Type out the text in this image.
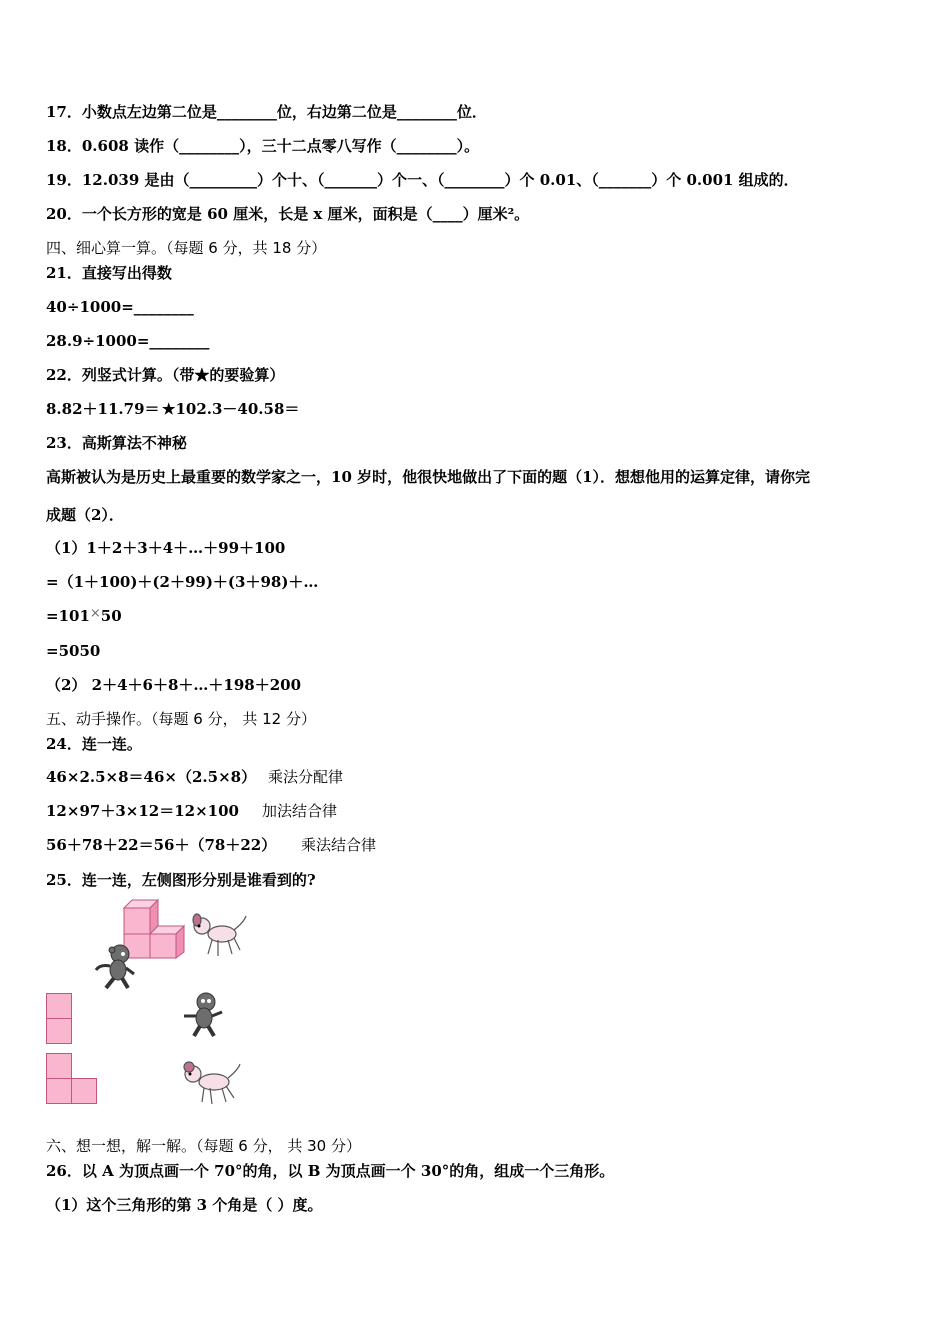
17．小数点左边第二位是________位，右边第二位是________位．
18．0.608 读作（________），三十二点零八写作（________）。
19．12.039 是由（_________）个十、（_______）个一、（________）个 0.01、（_______）个 0.001 组成的．
20．一个长方形的宽是 60 厘米，长是 x 厘米，面积是（____）厘米²。
四、细心算一算。（每题 6 分，共 18 分）
21．直接写出得数
40÷1000=________
28.9÷1000=________
22．列竖式计算。（带★的要验算）
8.82＋11.79＝ ★102.3－40.58＝
23．高斯算法不神秘
高斯被认为是历史上最重要的数学家之一，10 岁时，他很快地做出了下面的题（1）．想想他用的运算定律，请你完
成题（2）．
（1）1＋2＋3＋4＋…＋99＋100
=（1＋100)＋(2＋99)＋(3＋98)＋…
=101×50
=5050
（2） 2＋4＋6＋8＋…＋198＋200
五、动手操作。（每题 6 分， 共 12 分）
24．连一连。
46×2.5×8＝46×（2.5×8） 乘法分配律
12×97＋3×12＝12×100 加法结合律
56＋78＋22＝56＋（78＋22） 乘法结合律
25．连一连，左侧图形分别是谁看到的?
六、想一想，解一解。（每题 6 分， 共 30 分）
26．以 A 为顶点画一个 70°的角，以 B 为顶点画一个 30°的角，组成一个三角形。
（1）这个三角形的第 3 个角是（ ）度。
